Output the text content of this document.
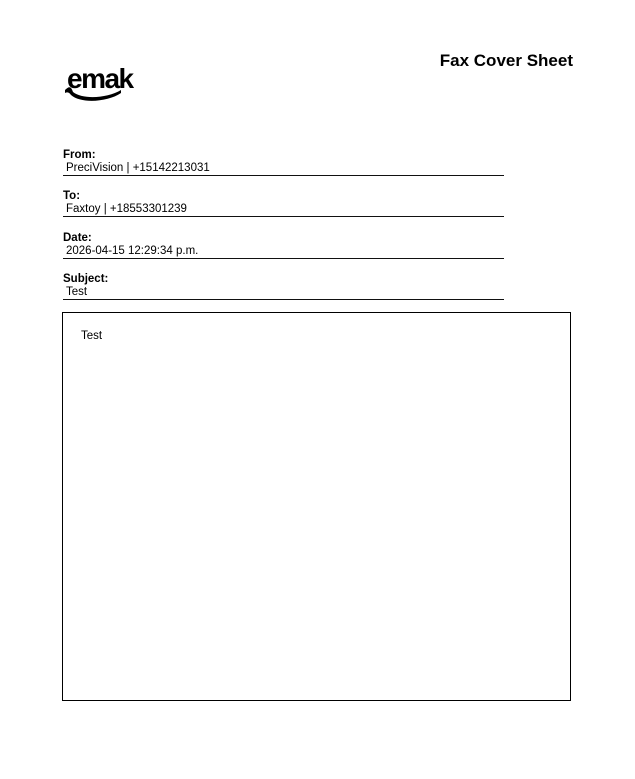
emak
Fax Cover Sheet
From:
PreciVision | +15142213031
To:
Faxtoy | +18553301239
Date:
2026-04-15 12:29:34 p.m.
Subject:
Test
Test
